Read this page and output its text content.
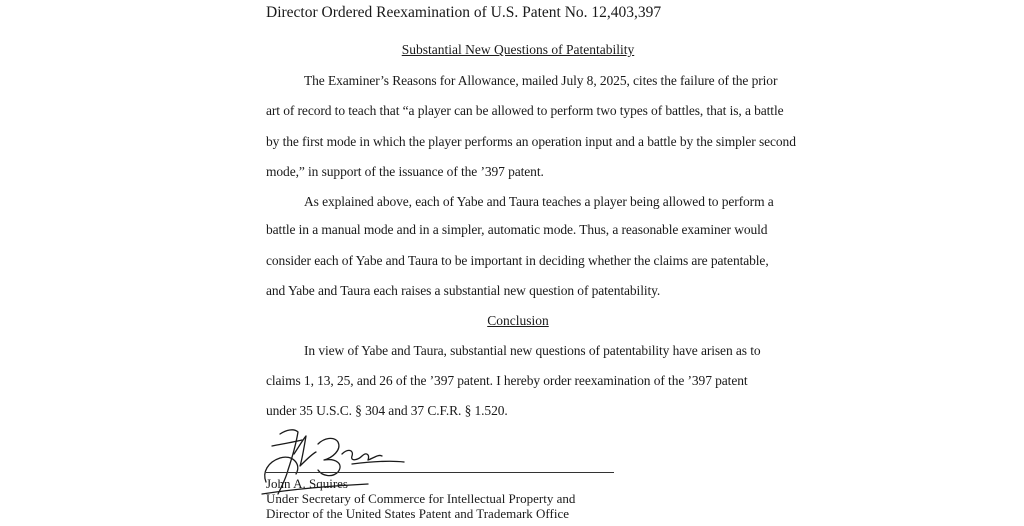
Director Ordered Reexamination of U.S. Patent No. 12,403,397
Substantial New Questions of Patentability
The Examiner’s Reasons for Allowance, mailed July 8, 2025, cites the failure of the prior
art of record to teach that “a player can be allowed to perform two types of battles, that is, a battle
by the first mode in which the player performs an operation input and a battle by the simpler second
mode,” in support of the issuance of the ’397 patent.
As explained above, each of Yabe and Taura teaches a player being allowed to perform a
battle in a manual mode and in a simpler, automatic mode. Thus, a reasonable examiner would
consider each of Yabe and Taura to be important in deciding whether the claims are patentable,
and Yabe and Taura each raises a substantial new question of patentability.
Conclusion
In view of Yabe and Taura, substantial new questions of patentability have arisen as to
claims 1, 13, 25, and 26 of the ’397 patent. I hereby order reexamination of the ’397 patent
under 35 U.S.C. § 304 and 37 C.F.R. § 1.520.
John A. Squires
Under Secretary of Commerce for Intellectual Property and
Director of the United States Patent and Trademark Office
